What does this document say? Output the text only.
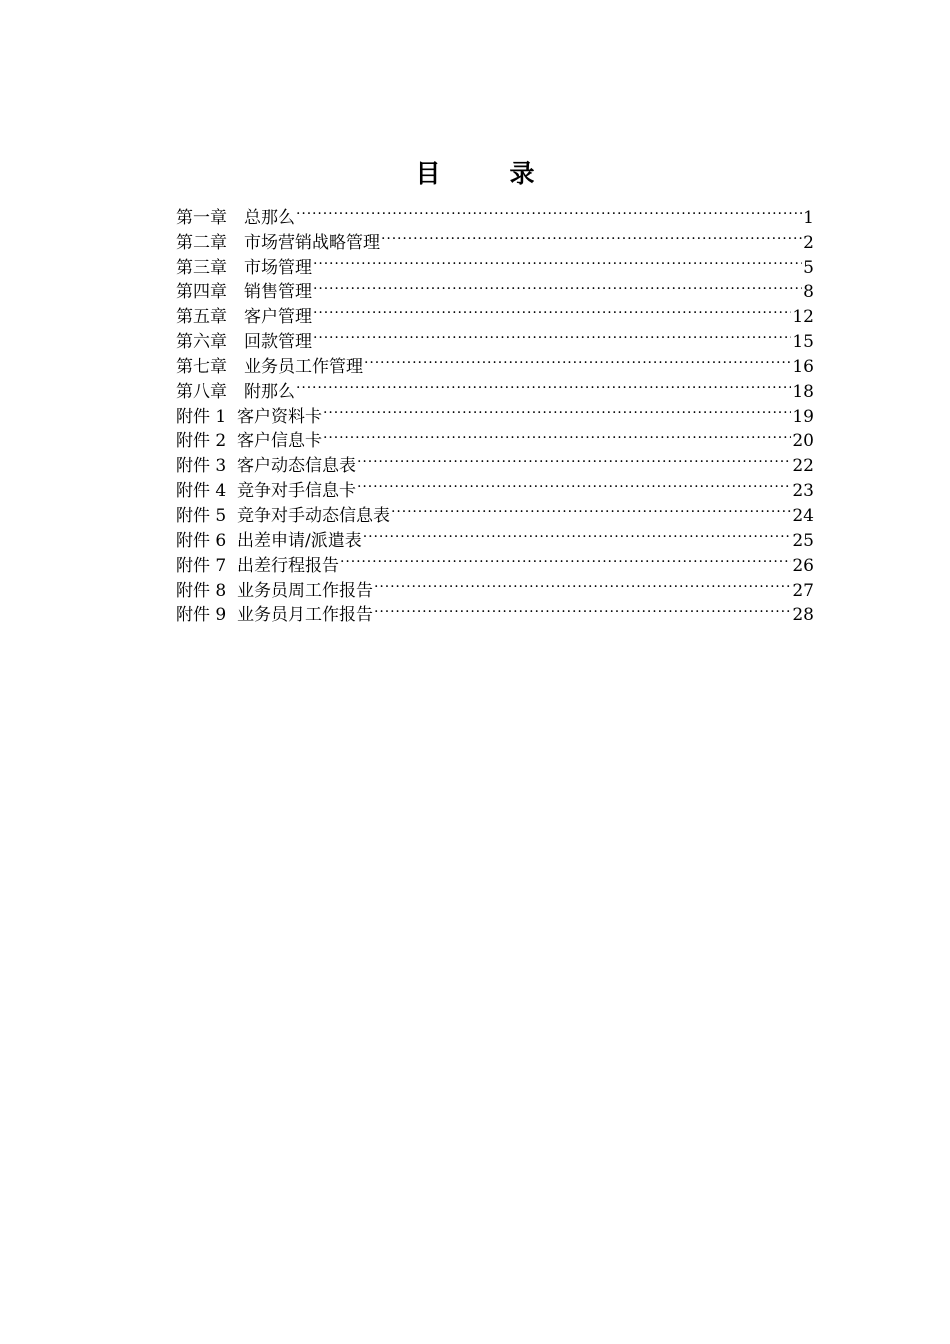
目　录
第一章　总那么 .....	1
第二章　市场营销战略管理 .....	2
第三章　市场管理 .....	5
第四章　销售管理 .....	8
第五章　客户管理 .....	12
第六章　回款管理 .....	15
第七章　业务员工作管理 .....	16
第八章　附那么 .....	18
附件 1  客户资料卡 .....	19
附件 2  客户信息卡 .....	20
附件 3  客户动态信息表 .....	22
附件 4  竞争对手信息卡 .....	23
附件 5  竞争对手动态信息表 .....	24
附件 6  出差申请/派遣表 .....	25
附件 7  出差行程报告 .....	26
附件 8  业务员周工作报告 .....	27
附件 9  业务员月工作报告 .....	28
